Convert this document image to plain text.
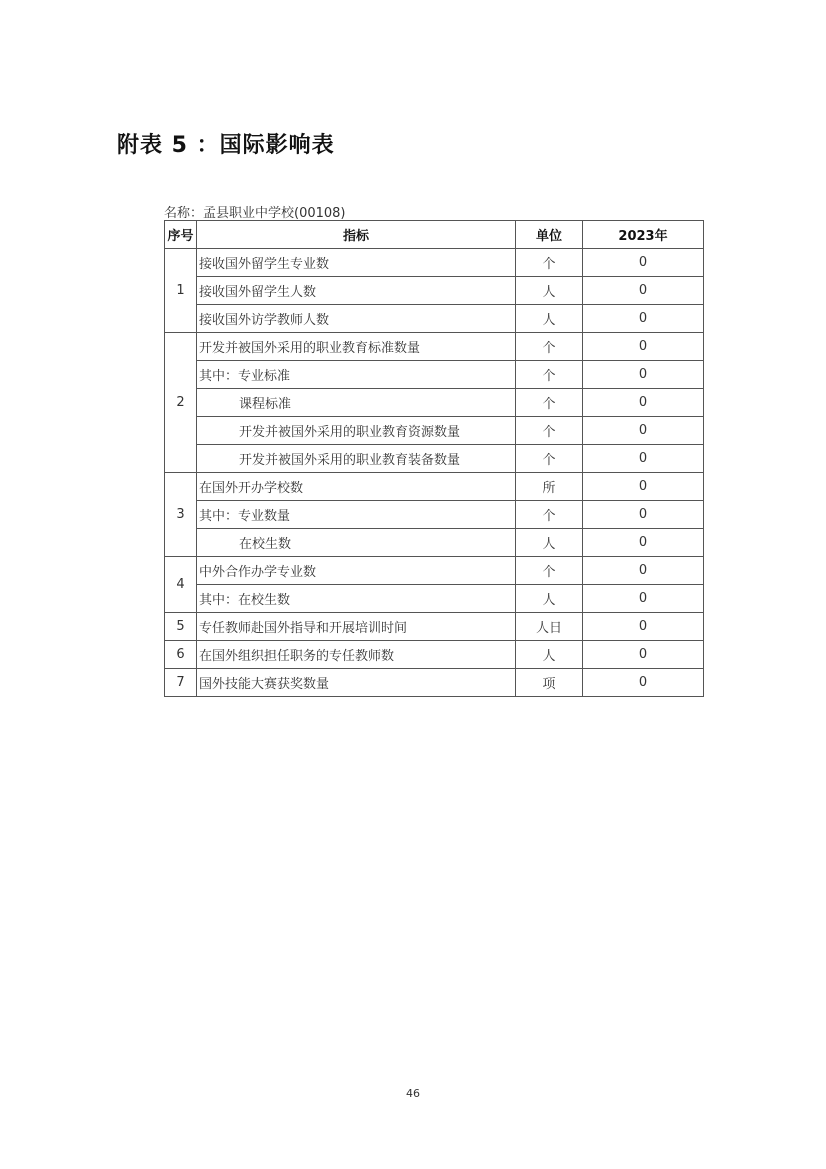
附表 5 ：国际影响表
名称：孟县职业中学校(00108)
序号	指标	单位	2023年
1	接收国外留学生专业数	个	0
	接收国外留学生人数	人	0
	接收国外访学教师人数	人	0
2	开发并被国外采用的职业教育标准数量	个	0
	其中：专业标准	个	0
	课程标准	个	0
	开发并被国外采用的职业教育资源数量	个	0
	开发并被国外采用的职业教育装备数量	个	0
3	在国外开办学校数	所	0
	其中：专业数量	个	0
	在校生数	人	0
4	中外合作办学专业数	个	0
	其中：在校生数	人	0
5	专任教师赴国外指导和开展培训时间	人日	0
6	在国外组织担任职务的专任教师数	人	0
7	国外技能大赛获奖数量	项	0
46
